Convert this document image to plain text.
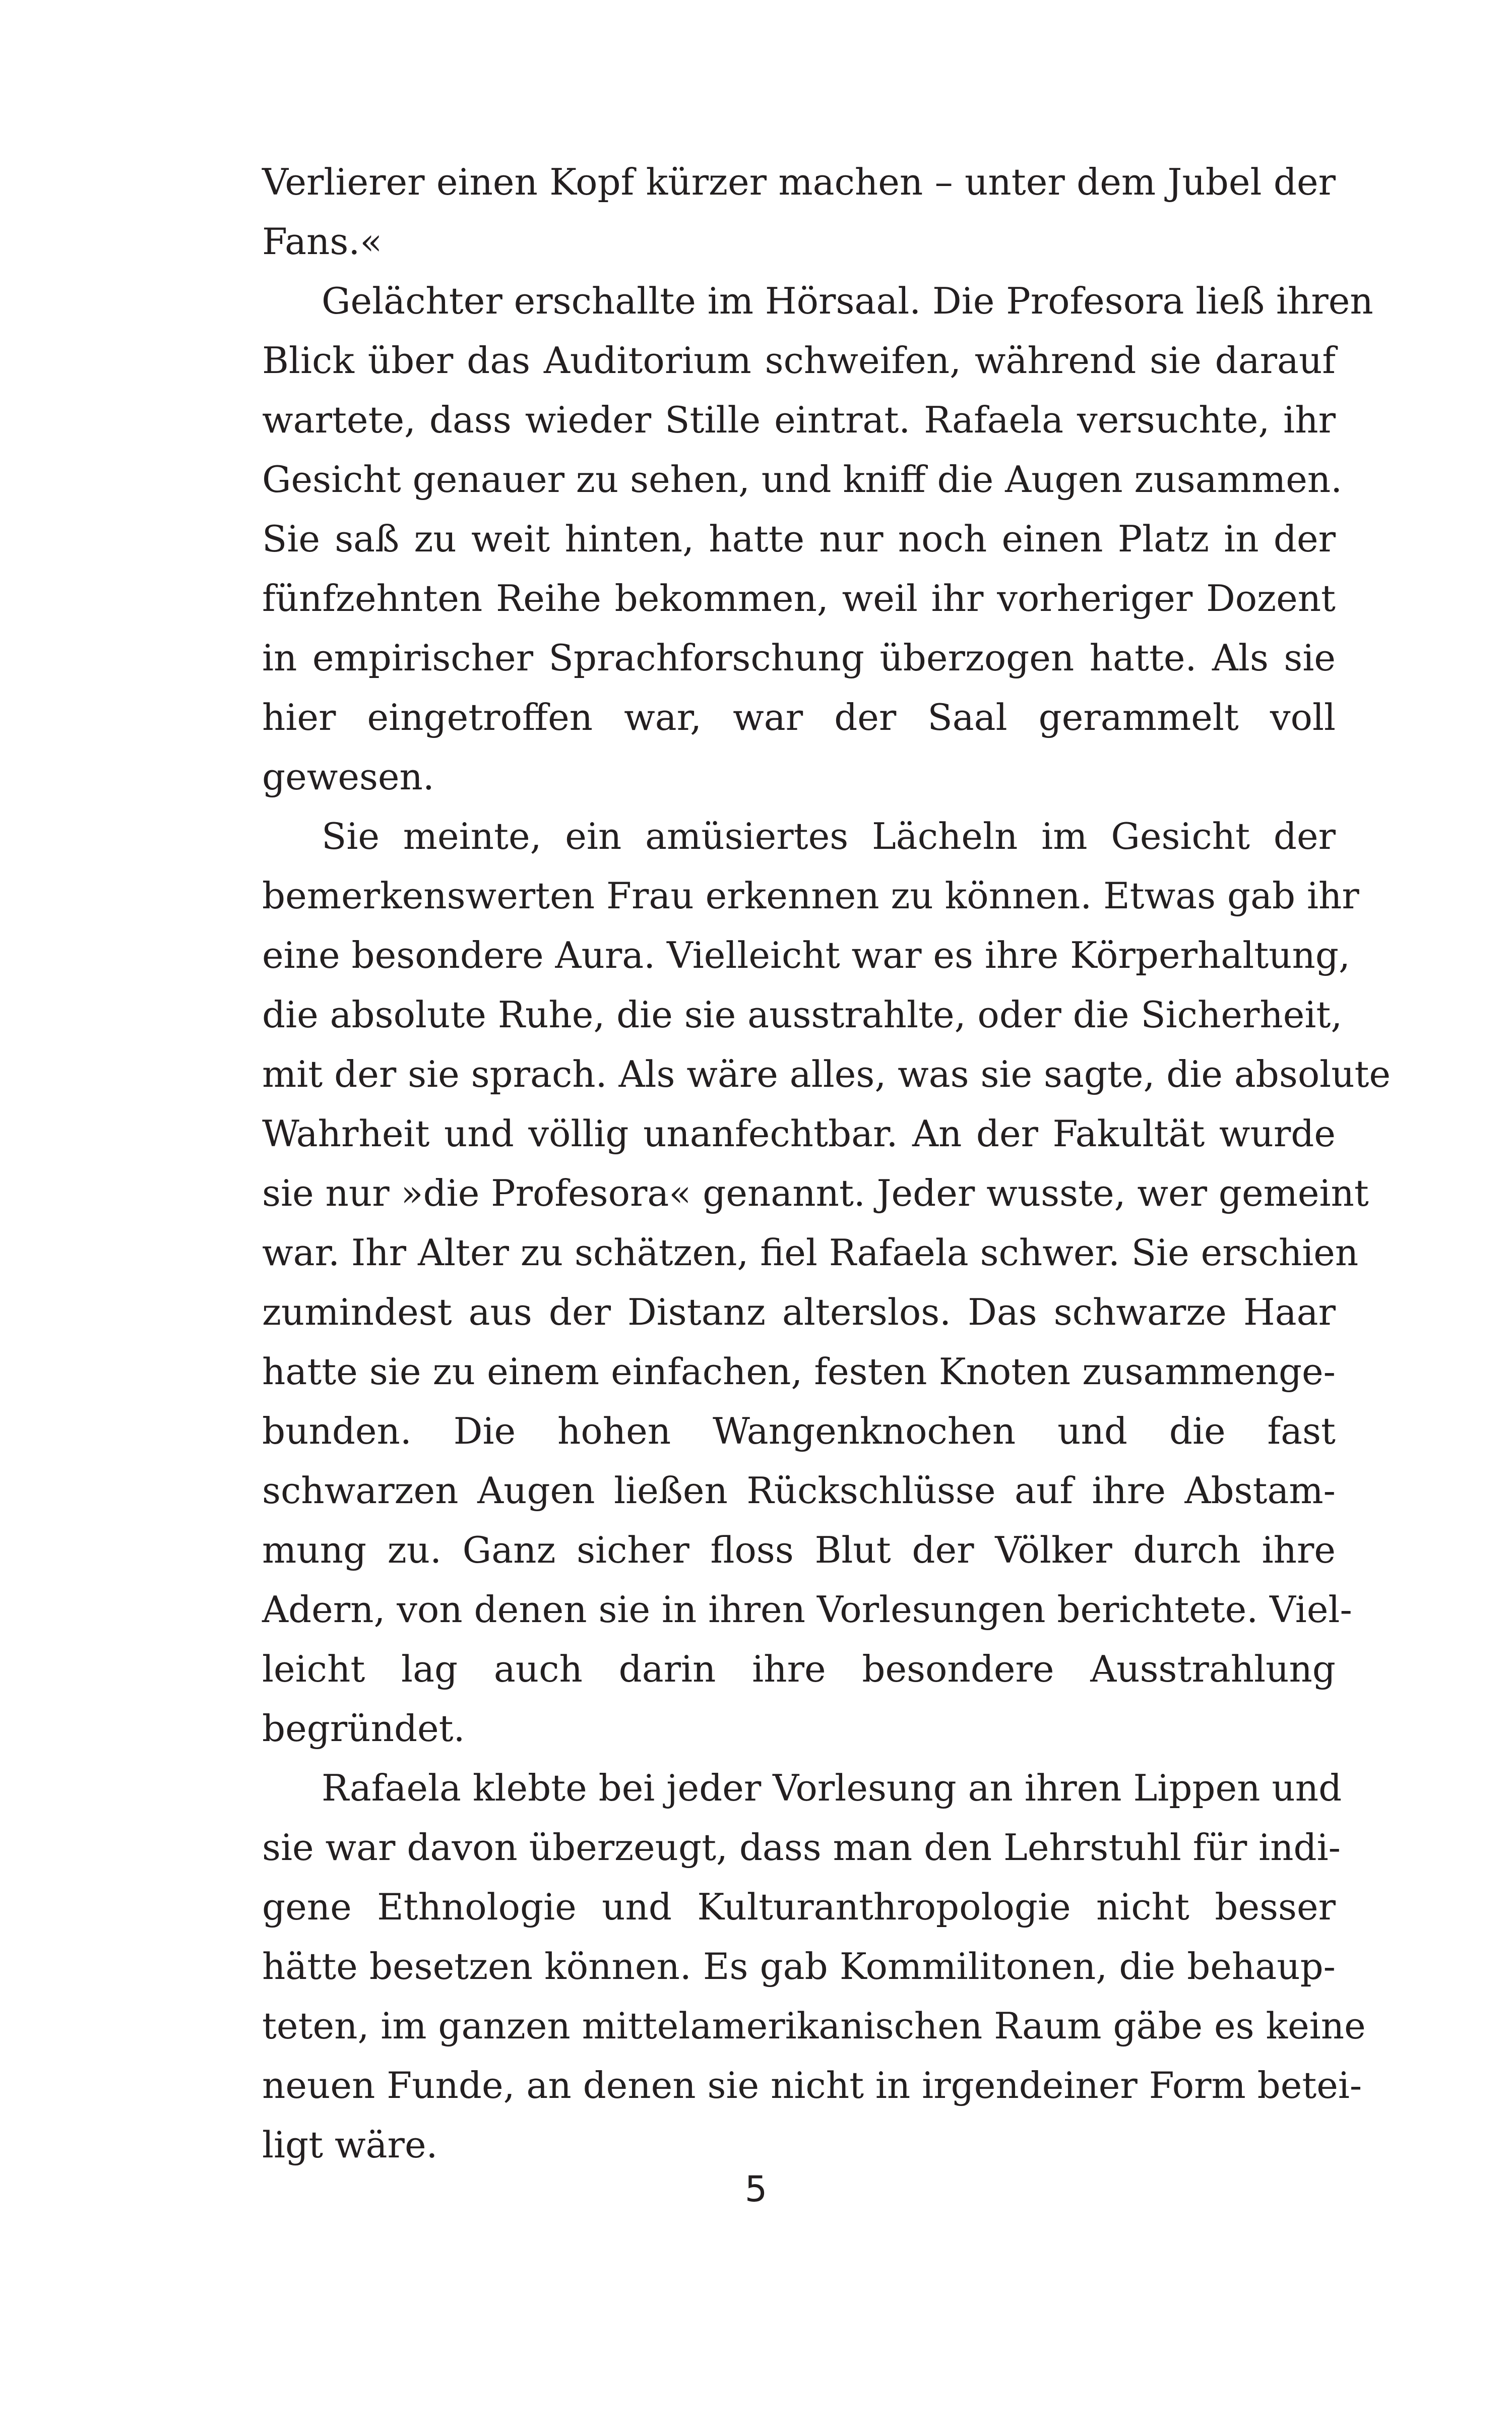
Verlierer einen Kopf kürzer machen – unter dem Jubel der
Fans.«
Gelächter erschallte im Hörsaal. Die Profesora ließ ihren
Blick über das Auditorium schweifen, während sie darauf
wartete, dass wieder Stille eintrat. Rafaela versuchte, ihr
Gesicht genauer zu sehen, und kniff die Augen zusammen.
Sie saß zu weit hinten, hatte nur noch einen Platz in der
fünfzehnten Reihe bekommen, weil ihr vorheriger Dozent
in empirischer Sprachforschung überzogen hatte. Als sie
hier eingetroffen war, war der Saal gerammelt voll
gewesen.
Sie meinte, ein amüsiertes Lächeln im Gesicht der
bemerkenswerten Frau erkennen zu können. Etwas gab ihr
eine besondere Aura. Vielleicht war es ihre Körperhaltung,
die absolute Ruhe, die sie ausstrahlte, oder die Sicherheit,
mit der sie sprach. Als wäre alles, was sie sagte, die absolute
Wahrheit und völlig unanfechtbar. An der Fakultät wurde
sie nur »die Profesora« genannt. Jeder wusste, wer gemeint
war. Ihr Alter zu schätzen, fiel Rafaela schwer. Sie erschien
zumindest aus der Distanz alterslos. Das schwarze Haar
hatte sie zu einem einfachen, festen Knoten zusammenge-
bunden. Die hohen Wangenknochen und die fast
schwarzen Augen ließen Rückschlüsse auf ihre Abstam-
mung zu. Ganz sicher floss Blut der Völker durch ihre
Adern, von denen sie in ihren Vorlesungen berichtete. Viel-
leicht lag auch darin ihre besondere Ausstrahlung
begründet.
Rafaela klebte bei jeder Vorlesung an ihren Lippen und
sie war davon überzeugt, dass man den Lehrstuhl für indi-
gene Ethnologie und Kulturanthropologie nicht besser
hätte besetzen können. Es gab Kommilitonen, die behaup-
teten, im ganzen mittelamerikanischen Raum gäbe es keine
neuen Funde, an denen sie nicht in irgendeiner Form betei-
ligt wäre.
5
